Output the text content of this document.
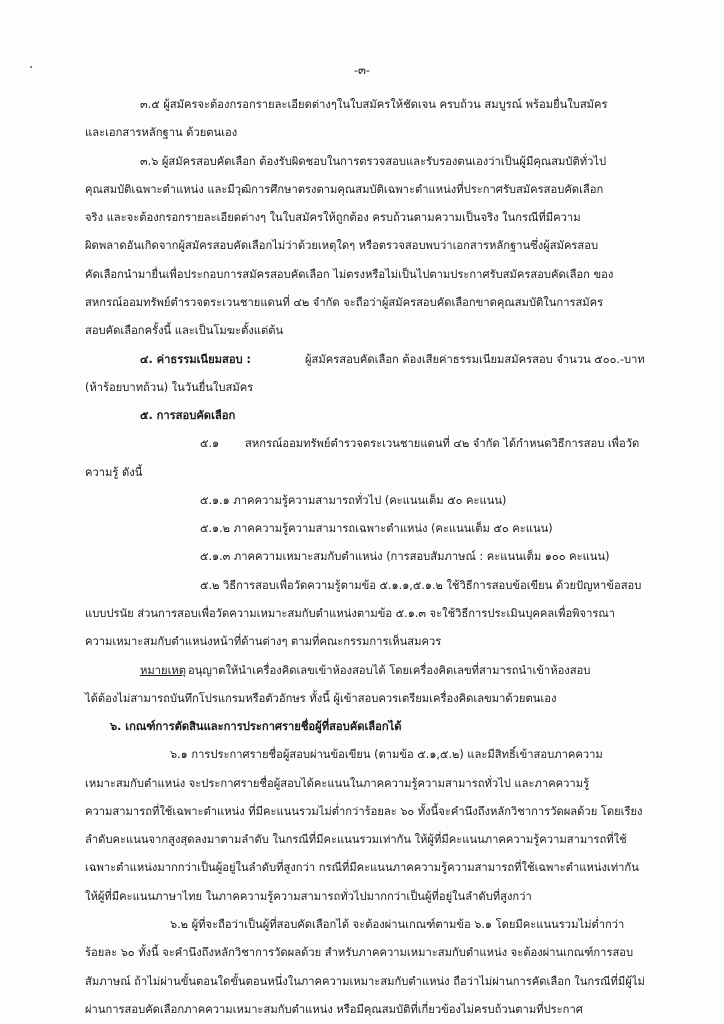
-๓-
๓.๕ ผู้สมัครจะต้องกรอกรายละเอียดต่างๆในใบสมัครให้ชัดเจน ครบถ้วน สมบูรณ์ พร้อมยื่นใบสมัคร
และเอกสารหลักฐาน ด้วยตนเอง
๓.๖ ผู้สมัครสอบคัดเลือก ต้องรับผิดชอบในการตรวจสอบและรับรองตนเองว่าเป็นผู้มีคุณสมบัติทั่วไป
คุณสมบัติเฉพาะตำแหน่ง และมีวุฒิการศึกษาตรงตามคุณสมบัติเฉพาะตำแหน่งที่ประกาศรับสมัครสอบคัดเลือก
จริง และจะต้องกรอกรายละเอียดต่างๆ ในใบสมัครให้ถูกต้อง ครบถ้วนตามความเป็นจริง ในกรณีที่มีความ
ผิดพลาดอันเกิดจากผู้สมัครสอบคัดเลือกไม่ว่าด้วยเหตุใดๆ หรือตรวจสอบพบว่าเอกสารหลักฐานซึ่งผู้สมัครสอบ
คัดเลือกนำมายื่นเพื่อประกอบการสมัครสอบคัดเลือก ไม่ตรงหรือไม่เป็นไปตามประกาศรับสมัครสอบคัดเลือก ของ
สหกรณ์ออมทรัพย์ตำรวจตระเวนชายแดนที่ ๔๒ จำกัด จะถือว่าผู้สมัครสอบคัดเลือกขาดคุณสมบัติในการสมัคร
สอบคัดเลือกครั้งนี้ และเป็นโมฆะตั้งแต่ต้น
๔. ค่าธรรมเนียมสอบ :	ผู้สมัครสอบคัดเลือก ต้องเสียค่าธรรมเนียมสมัครสอบ จำนวน ๕๐๐.-บาท
(ห้าร้อยบาทถ้วน) ในวันยื่นใบสมัคร
๕. การสอบคัดเลือก
๕.๑ สหกรณ์ออมทรัพย์ตำรวจตระเวนชายแดนที่ ๔๒ จำกัด ได้กำหนดวิธีการสอบ เพื่อวัด
ความรู้ ดังนี้
๕.๑.๑ ภาคความรู้ความสามารถทั่วไป (คะแนนเต็ม ๕๐ คะแนน)
๕.๑.๒ ภาคความรู้ความสามารถเฉพาะตำแหน่ง (คะแนนเต็ม ๕๐ คะแนน)
๕.๑.๓ ภาคความเหมาะสมกับตำแหน่ง (การสอบสัมภาษณ์ : คะแนนเต็ม ๑๐๐ คะแนน)
๕.๒ วิธีการสอบเพื่อวัดความรู้ตามข้อ ๕.๑.๑,๕.๑.๒ ใช้วิธีการสอบข้อเขียน ด้วยปัญหาข้อสอบ
แบบปรนัย ส่วนการสอบเพื่อวัดความเหมาะสมกับตำแหน่งตามข้อ ๕.๑.๓ จะใช้วิธีการประเมินบุคคลเพื่อพิจารณา
ความเหมาะสมกับตำแหน่งหน้าที่ด้านต่างๆ ตามที่คณะกรรมการเห็นสมควร
หมายเหตุ อนุญาตให้นำเครื่องคิดเลขเข้าห้องสอบได้ โดยเครื่องคิดเลขที่สามารถนำเข้าห้องสอบ
ได้ต้องไม่สามารถบันทึกโปรแกรมหรือตัวอักษร ทั้งนี้ ผู้เข้าสอบควรเตรียมเครื่องคิดเลขมาด้วยตนเอง
๖. เกณฑ์การตัดสินและการประกาศรายชื่อผู้ที่สอบคัดเลือกได้
๖.๑ การประกาศรายชื่อผู้สอบผ่านข้อเขียน (ตามข้อ ๕.๑,๕.๒) และมีสิทธิ์เข้าสอบภาคความ
เหมาะสมกับตำแหน่ง จะประกาศรายชื่อผู้สอบได้คะแนนในภาคความรู้ความสามารถทั่วไป และภาคความรู้
ความสามารถที่ใช้เฉพาะตำแหน่ง ที่มีคะแนนรวมไม่ต่ำกว่าร้อยละ ๖๐ ทั้งนี้จะคำนึงถึงหลักวิชาการวัดผลด้วย โดยเรียง
ลำดับคะแนนจากสูงสุดลงมาตามลำดับ ในกรณีที่มีคะแนนรวมเท่ากัน ให้ผู้ที่มีคะแนนภาคความรู้ความสามารถที่ใช้
เฉพาะตำแหน่งมากกว่าเป็นผู้อยู่ในลำดับที่สูงกว่า กรณีที่มีคะแนนภาคความรู้ความสามารถที่ใช้เฉพาะตำแหน่งเท่ากัน
ให้ผู้ที่มีคะแนนภาษาไทย ในภาคความรู้ความสามารถทั่วไปมากกว่าเป็นผู้ที่อยู่ในลำดับที่สูงกว่า
๖.๒ ผู้ที่จะถือว่าเป็นผู้ที่สอบคัดเลือกได้ จะต้องผ่านเกณฑ์ตามข้อ ๖.๑ โดยมีคะแนนรวมไม่ต่ำกว่า
ร้อยละ ๖๐ ทั้งนี้ จะคำนึงถึงหลักวิชาการวัดผลด้วย สำหรับภาคความเหมาะสมกับตำแหน่ง จะต้องผ่านเกณฑ์การสอบ
สัมภาษณ์ ถ้าไม่ผ่านขั้นตอนใดขั้นตอนหนึ่งในภาคความเหมาะสมกับตำแหน่ง ถือว่าไม่ผ่านการคัดเลือก ในกรณีที่มีผู้ไม่
ผ่านการสอบคัดเลือกภาคความเหมาะสมกับตำแหน่ง หรือมีคุณสมบัติที่เกี่ยวข้องไม่ครบถ้วนตามที่ประกาศ
